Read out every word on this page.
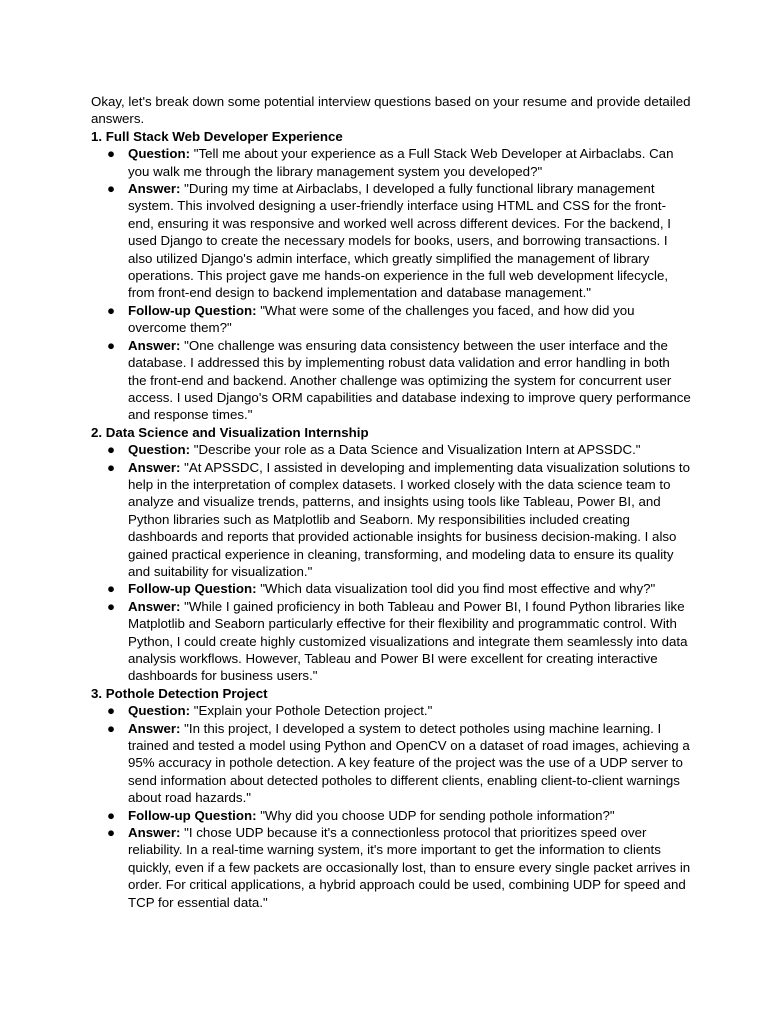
Okay, let's break down some potential interview questions based on your resume and provide detailed answers.

1. Full Stack Web Developer Experience

● Question: "Tell me about your experience as a Full Stack Web Developer at Airbaclabs. Can you walk me through the library management system you developed?"
● Answer: "During my time at Airbaclabs, I developed a fully functional library management system. This involved designing a user-friendly interface using HTML and CSS for the front-end, ensuring it was responsive and worked well across different devices. For the backend, I used Django to create the necessary models for books, users, and borrowing transactions. I also utilized Django's admin interface, which greatly simplified the management of library operations. This project gave me hands-on experience in the full web development lifecycle, from front-end design to backend implementation and database management."
● Follow-up Question: "What were some of the challenges you faced, and how did you overcome them?"
● Answer: "One challenge was ensuring data consistency between the user interface and the database. I addressed this by implementing robust data validation and error handling in both the front-end and backend. Another challenge was optimizing the system for concurrent user access. I used Django's ORM capabilities and database indexing to improve query performance and response times."

2. Data Science and Visualization Internship

● Question: "Describe your role as a Data Science and Visualization Intern at APSSDC."
● Answer: "At APSSDC, I assisted in developing and implementing data visualization solutions to help in the interpretation of complex datasets. I worked closely with the data science team to analyze and visualize trends, patterns, and insights using tools like Tableau, Power BI, and Python libraries such as Matplotlib and Seaborn. My responsibilities included creating dashboards and reports that provided actionable insights for business decision-making. I also gained practical experience in cleaning, transforming, and modeling data to ensure its quality and suitability for visualization."
● Follow-up Question: "Which data visualization tool did you find most effective and why?"
● Answer: "While I gained proficiency in both Tableau and Power BI, I found Python libraries like Matplotlib and Seaborn particularly effective for their flexibility and programmatic control. With Python, I could create highly customized visualizations and integrate them seamlessly into data analysis workflows. However, Tableau and Power BI were excellent for creating interactive dashboards for business users."

3. Pothole Detection Project

● Question: "Explain your Pothole Detection project."
● Answer: "In this project, I developed a system to detect potholes using machine learning. I trained and tested a model using Python and OpenCV on a dataset of road images, achieving a 95% accuracy in pothole detection. A key feature of the project was the use of a UDP server to send information about detected potholes to different clients, enabling client-to-client warnings about road hazards."
● Follow-up Question: "Why did you choose UDP for sending pothole information?"
● Answer: "I chose UDP because it's a connectionless protocol that prioritizes speed over reliability. In a real-time warning system, it's more important to get the information to clients quickly, even if a few packets are occasionally lost, than to ensure every single packet arrives in order. For critical applications, a hybrid approach could be used, combining UDP for speed and TCP for essential data."
